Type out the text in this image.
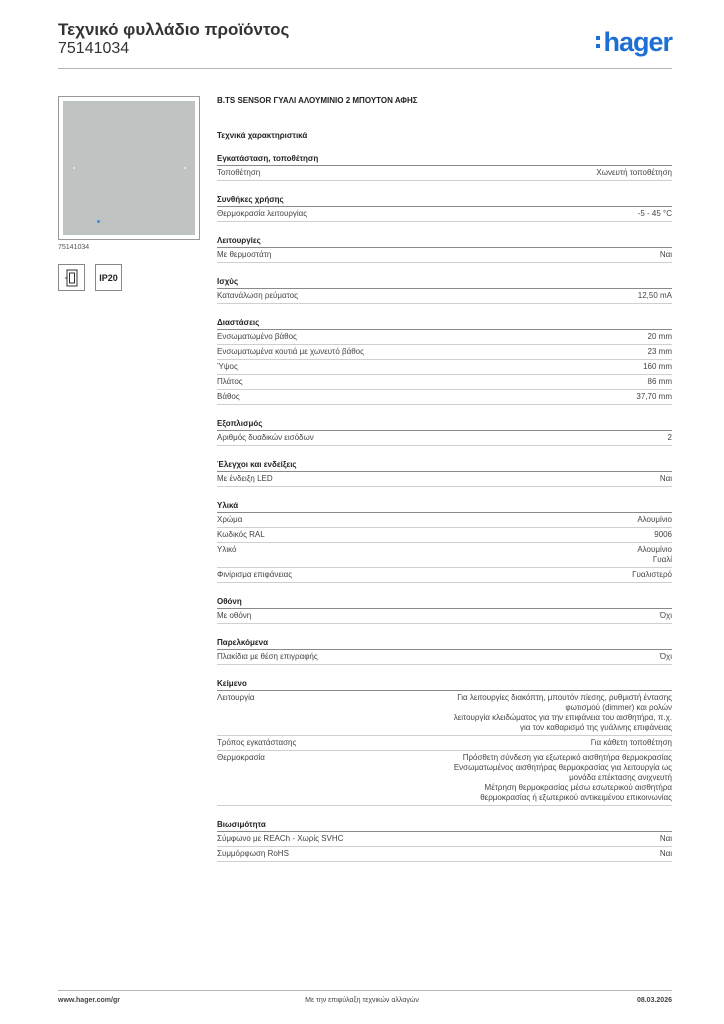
Τεχνικό φυλλάδιο προϊόντος
75141034	hager
75141034
IP20
B.TS SENSOR ΓΥΑΛΙ ΑΛΟΥΜΙΝΙΟ 2 ΜΠΟΥΤΟΝ ΑΦΗΣ
Τεχνικά χαρακτηριστικά
Εγκατάσταση, τοποθέτηση
Τοποθέτηση	Χωνευτή τοποθέτηση
Συνθήκες χρήσης
Θερμοκρασία λειτουργίας	-5 - 45 °C
Λειτουργίες
Με θερμοστάτη	Ναι
Ισχύς
Κατανάλωση ρεύματος	12,50 mA
Διαστάσεις
Ενσωματωμένο βάθος	20 mm
Ενσωματωμένα κουτιά με χωνευτό βάθος	23 mm
Ύψος	160 mm
Πλάτος	86 mm
Βάθος	37,70 mm
Εξοπλισμός
Αριθμός δυαδικών εισόδων	2
Έλεγχοι και ενδείξεις
Με ένδειξη LED	Ναι
Υλικά
Χρώμα	Αλουμίνιο
Κωδικός RAL	9006
Υλικό	Αλουμίνιο
Γυαλί
Φινίρισμα επιφάνειας	Γυαλιστερό
Οθόνη
Με οθόνη	Όχι
Παρελκόμενα
Πλακίδια με θέση επιγραφής	Όχι
Κείμενο
Λειτουργία	Για λειτουργίες διακόπτη, μπουτόν πίεσης, ρυθμιστή έντασης
φωτισμού (dimmer) και ρολών
λειτουργία κλειδώματος για την επιφάνεια του αισθητήρα, π.χ.
για τον καθαρισμό της γυάλινης επιφάνειας
Τρόπος εγκατάστασης	Για κάθετη τοποθέτηση
Θερμοκρασία	Πρόσθετη σύνδεση για εξωτερικό αισθητήρα θερμοκρασίας
Ενσωματωμένος αισθητήρας θερμοκρασίας για λειτουργία ως
μονάδα επέκτασης ανιχνευτή
Μέτρηση θερμοκρασίας μέσω εσωτερικού αισθητήρα
θερμοκρασίας ή εξωτερικού αντικειμένου επικοινωνίας
Βιωσιμότητα
Σύμφωνο με REACh - Χωρίς SVHC	Ναι
Συμμόρφωση RoHS	Ναι
www.hager.com/gr	Με την επιφύλαξη τεχνικών αλλαγών	08.03.2026
